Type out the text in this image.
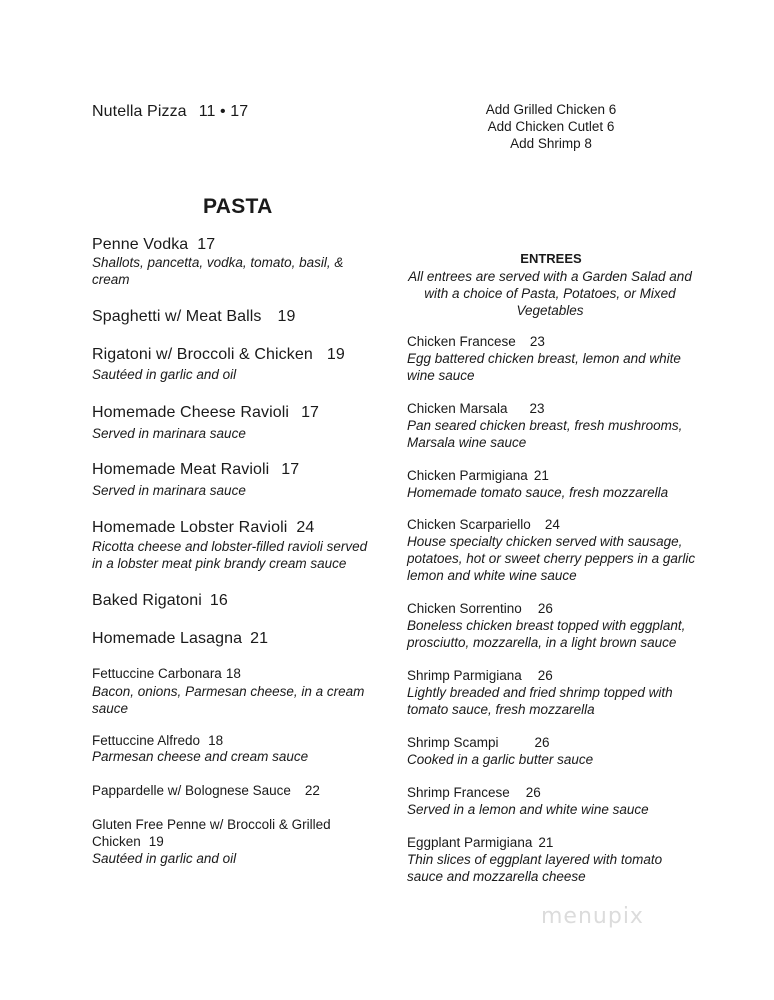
Nutella Pizza 11 • 17	Add Grilled Chicken 6
Add Chicken Cutlet 6
Add Shrimp 8
PASTA
Penne Vodka 17
Shallots, pancetta, vodka, tomato, basil, & cream
Spaghetti w/ Meat Balls 19
Rigatoni w/ Broccoli & Chicken 19
Sautéed in garlic and oil
Homemade Cheese Ravioli 17
Served in marinara sauce
Homemade Meat Ravioli 17
Served in marinara sauce
Homemade Lobster Ravioli 24
Ricotta cheese and lobster-filled ravioli served in a lobster meat pink brandy cream sauce
Baked Rigatoni 16
Homemade Lasagna 21
Fettuccine Carbonara 18
Bacon, onions, Parmesan cheese, in a cream sauce
Fettuccine Alfredo 18
Parmesan cheese and cream sauce
Pappardelle w/ Bolognese Sauce 22
Gluten Free Penne w/ Broccoli & Grilled Chicken 19
Sautéed in garlic and oil
ENTREES
All entrees are served with a Garden Salad and with a choice of Pasta, Potatoes, or Mixed Vegetables
Chicken Francese 23
Egg battered chicken breast, lemon and white wine sauce
Chicken Marsala 23
Pan seared chicken breast, fresh mushrooms, Marsala wine sauce
Chicken Parmigiana 21
Homemade tomato sauce, fresh mozzarella
Chicken Scarpariello 24
House specialty chicken served with sausage, potatoes, hot or sweet cherry peppers in a garlic lemon and white wine sauce
Chicken Sorrentino 26
Boneless chicken breast topped with eggplant, prosciutto, mozzarella, in a light brown sauce
Shrimp Parmigiana 26
Lightly breaded and fried shrimp topped with tomato sauce, fresh mozzarella
Shrimp Scampi	26
Cooked in a garlic butter sauce
Shrimp Francese 26
Served in a lemon and white wine sauce
Eggplant Parmigiana 21
Thin slices of eggplant layered with tomato sauce and mozzarella cheese
menupix
